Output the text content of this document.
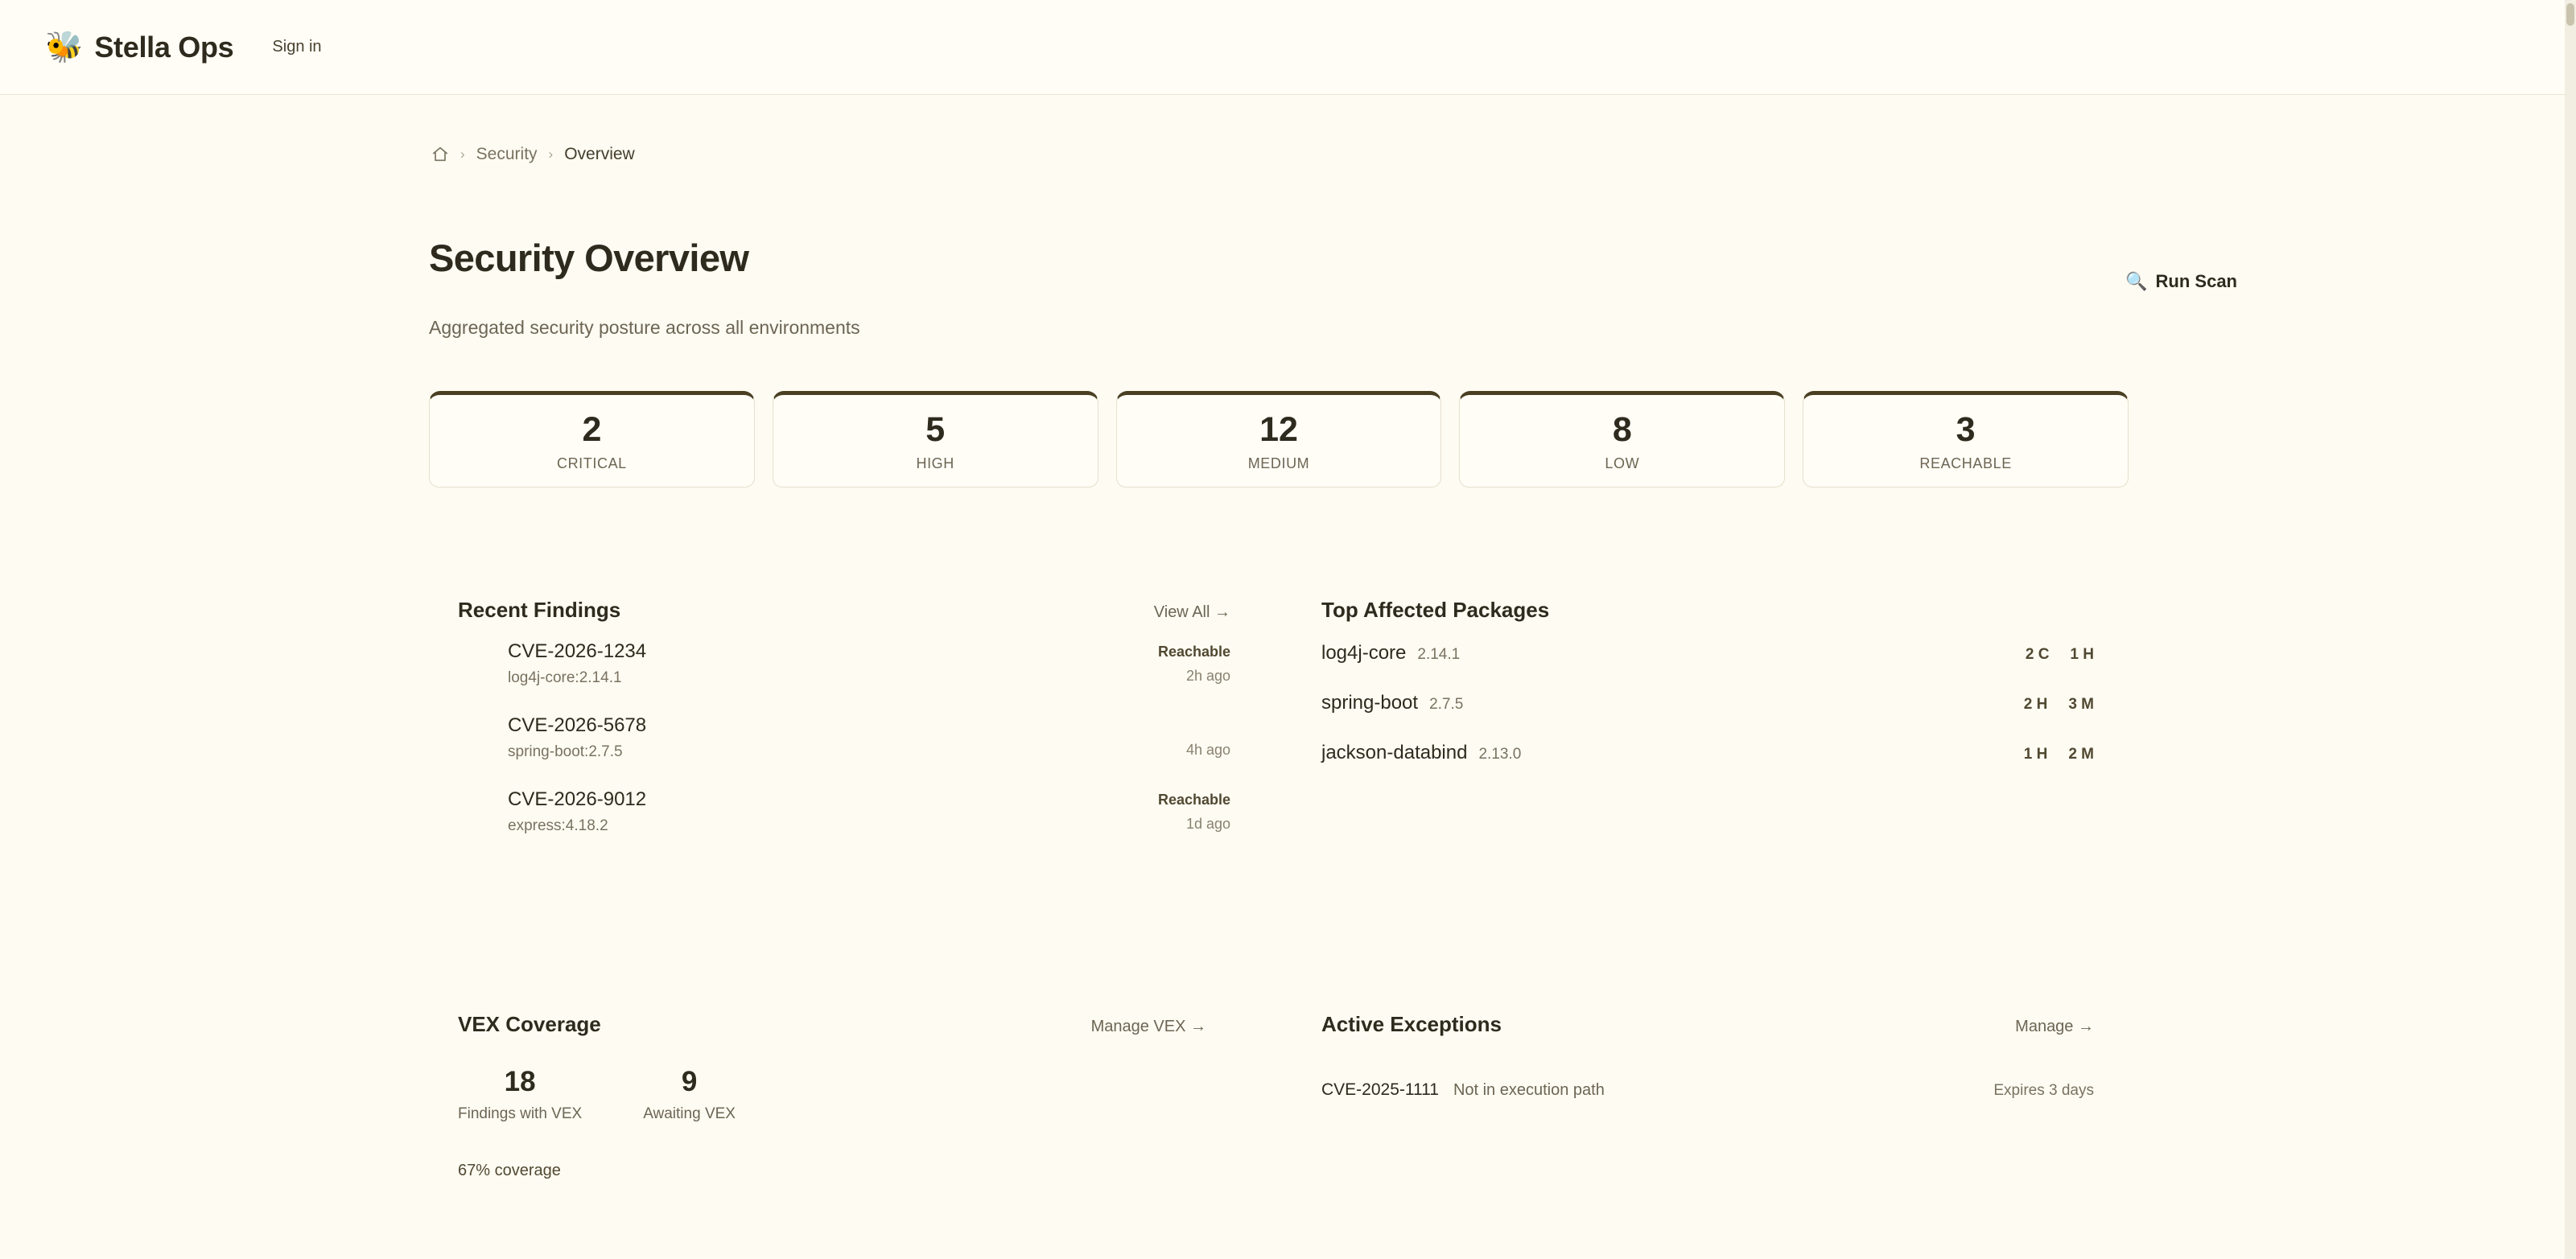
🐝 Stella Ops	Sign in
› Security › Overview
Security Overview
Aggregated security posture across all environments
🔍 Run Scan
2
CRITICAL
5
HIGH
12
MEDIUM
8
LOW
3
REACHABLE
Recent Findings	View All →
CVE-2026-1234
log4j-core:2.14.1
Reachable
2h ago
CVE-2026-5678
spring-boot:2.7.5	4h ago
CVE-2026-9012
express:4.18.2
Reachable
1d ago
Top Affected Packages
log4j-core 2.14.1	2 C 1 H
spring-boot 2.7.5	2 H 3 M
jackson-databind 2.13.0	1 H 2 M
VEX Coverage	Manage VEX →
18
Findings with VEX
9
Awaiting VEX
67% coverage
Active Exceptions	Manage →
CVE-2025-1111 Not in execution path	Expires 3 days
